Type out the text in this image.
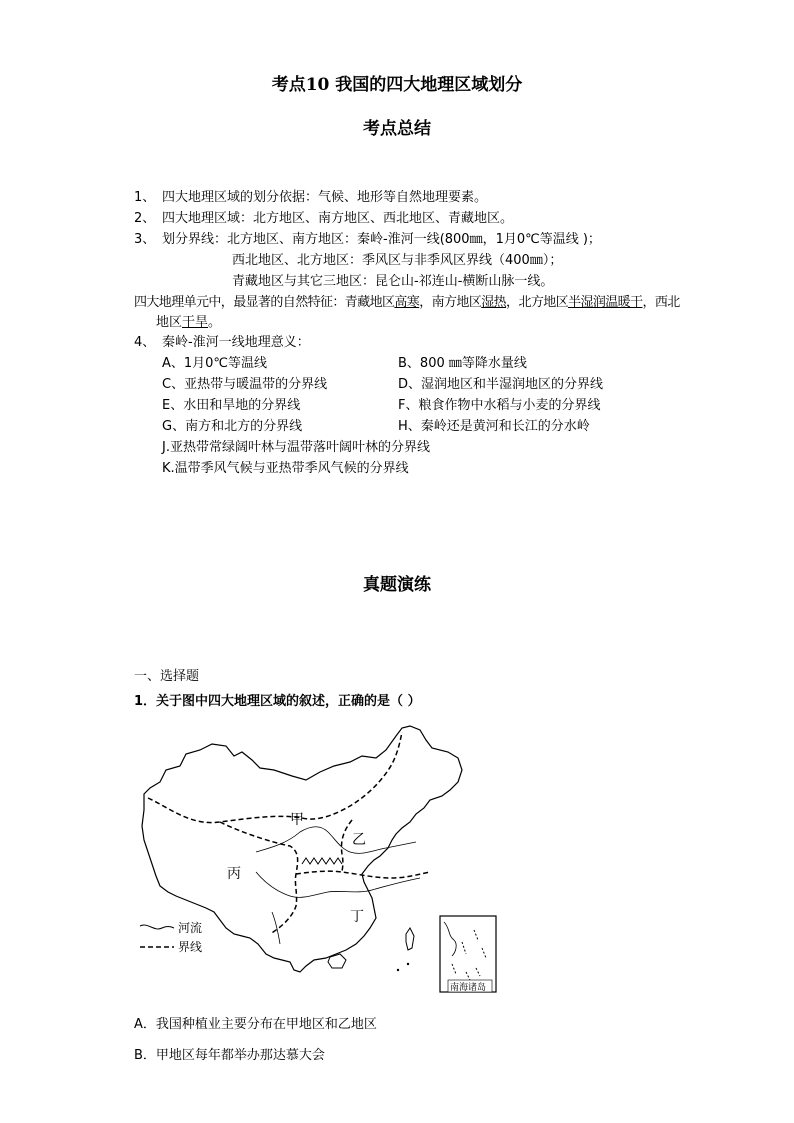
考点10 我国的四大地理区域划分
考点总结
1、 四大地理区域的划分依据：气候、地形等自然地理要素。
2、 四大地理区域：北方地区、南方地区、西北地区、青藏地区。
3、 划分界线：北方地区、南方地区：秦岭-淮河一线(800㎜，1月0℃等温线 )；
西北地区、北方地区：季风区与非季风区界线（400㎜）；
青藏地区与其它三地区：昆仑山-祁连山-横断山脉一线。
四大地理单元中，最显著的自然特征：青藏地区高寒，南方地区湿热，北方地区半湿润温暖干，西北
地区干旱。
4、 秦岭-淮河一线地理意义：
A、1月0℃等温线	B、800 ㎜等降水量线
C、亚热带与暖温带的分界线	D、湿润地区和半湿润地区的分界线
E、水田和旱地的分界线	F、粮食作物中水稻与小麦的分界线
G、南方和北方的分界线	H、秦岭还是黄河和长江的分水岭
J.亚热带常绿阔叶林与温带落叶阔叶林的分界线
K.温带季风气候与亚热带季风气候的分界线
真题演练
一、选择题
1．关于图中四大地理区域的叙述，正确的是（ ）
甲
乙
丙
丁
河流
界线
南海诸岛
A．我国种植业主要分布在甲地区和乙地区
B．甲地区每年都举办那达慕大会
